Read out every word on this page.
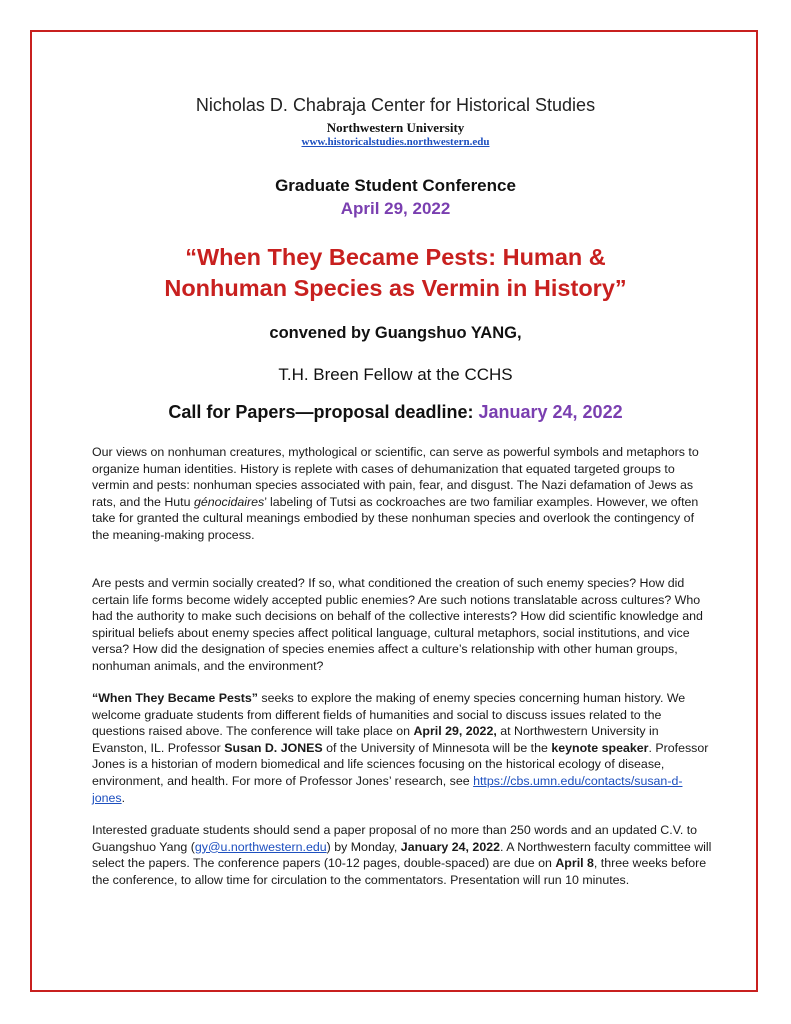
Nicholas D. Chabraja Center for Historical Studies
Northwestern University
www.historicalstudies.northwestern.edu
Graduate Student Conference
April 29, 2022
“When They Became Pests: Human &
Nonhuman Species as Vermin in History”
convened by Guangshuo YANG,
T.H. Breen Fellow at the CCHS
Call for Papers—proposal deadline: January 24, 2022

Our views on nonhuman creatures, mythological or scientific, can serve as powerful symbols and metaphors to organize human identities. History is replete with cases of dehumanization that equated targeted groups to vermin and pests: nonhuman species associated with pain, fear, and disgust. The Nazi defamation of Jews as rats, and the Hutu génocidaires’ labeling of Tutsi as cockroaches are two familiar examples. However, we often take for granted the cultural meanings embodied by these nonhuman species and overlook the contingency of the meaning-making process.

Are pests and vermin socially created? If so, what conditioned the creation of such enemy species? How did certain life forms become widely accepted public enemies? Are such notions translatable across cultures? Who had the authority to make such decisions on behalf of the collective interests? How did scientific knowledge and spiritual beliefs about enemy species affect political language, cultural metaphors, social institutions, and vice versa? How did the designation of species enemies affect a culture’s relationship with other human groups, nonhuman animals, and the environment?

“When They Became Pests” seeks to explore the making of enemy species concerning human history. We welcome graduate students from different fields of humanities and social to discuss issues related to the questions raised above. The conference will take place on April 29, 2022, at Northwestern University in Evanston, IL. Professor Susan D. JONES of the University of Minnesota will be the keynote speaker. Professor Jones is a historian of modern biomedical and life sciences focusing on the historical ecology of disease, environment, and health. For more of Professor Jones’ research, see https://cbs.umn.edu/contacts/susan-d-jones.

Interested graduate students should send a paper proposal of no more than 250 words and an updated C.V. to Guangshuo Yang (gy@u.northwestern.edu) by Monday, January 24, 2022. A Northwestern faculty committee will select the papers. The conference papers (10-12 pages, double-spaced) are due on April 8, three weeks before the conference, to allow time for circulation to the commentators. Presentation will run 10 minutes.
